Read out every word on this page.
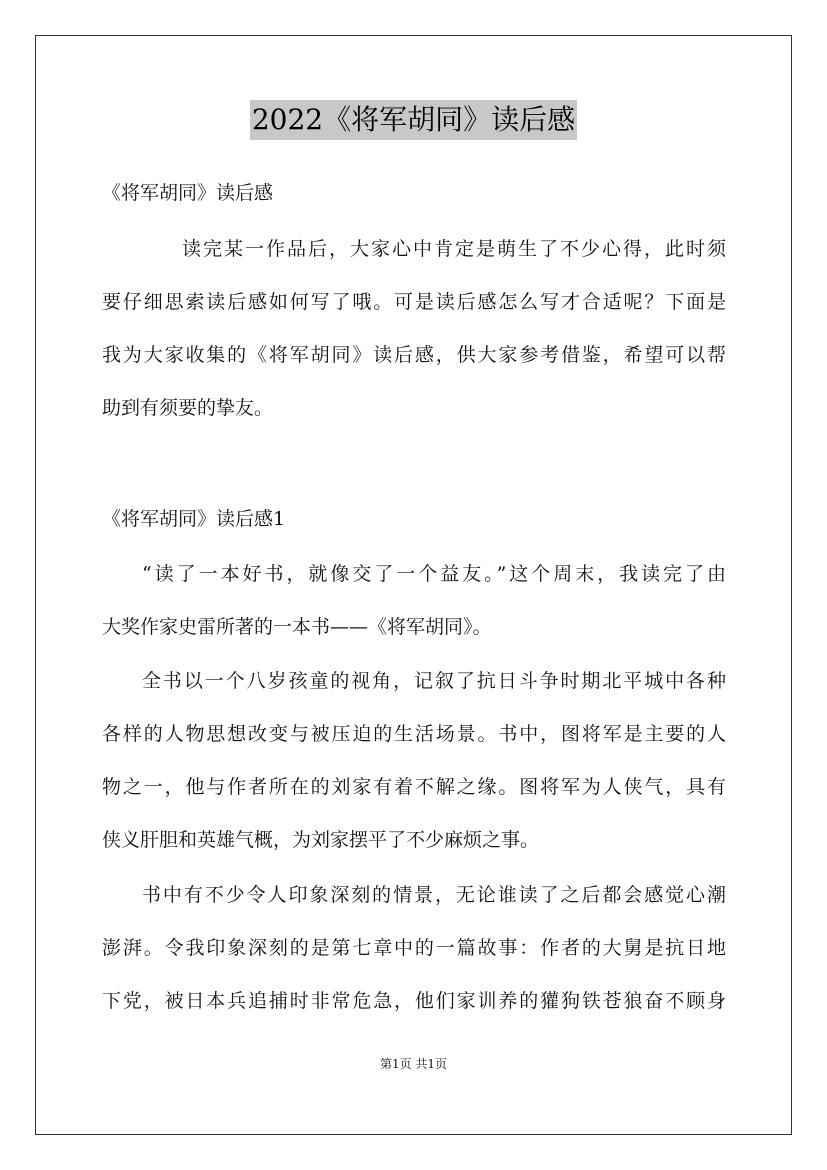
2022《将军胡同》读后感
《将军胡同》读后感
读完某一作品后，大家心中肯定是萌生了不少心得，此时须
要仔细思索读后感如何写了哦。可是读后感怎么写才合适呢？下面是
我为大家收集的《将军胡同》读后感，供大家参考借鉴，希望可以帮
助到有须要的挚友。
《将军胡同》读后感1
“读了一本好书，就像交了一个益友。”这个周末，我读完了由
大奖作家史雷所著的一本书——《将军胡同》。
全书以一个八岁孩童的视角，记叙了抗日斗争时期北平城中各种
各样的人物思想改变与被压迫的生活场景。书中，图将军是主要的人
物之一，他与作者所在的刘家有着不解之缘。图将军为人侠气，具有
侠义肝胆和英雄气概，为刘家摆平了不少麻烦之事。
书中有不少令人印象深刻的情景，无论谁读了之后都会感觉心潮
澎湃。令我印象深刻的是第七章中的一篇故事：作者的大舅是抗日地
下党，被日本兵追捕时非常危急，他们家训养的獾狗铁苍狼奋不顾身
第1页 共1页
